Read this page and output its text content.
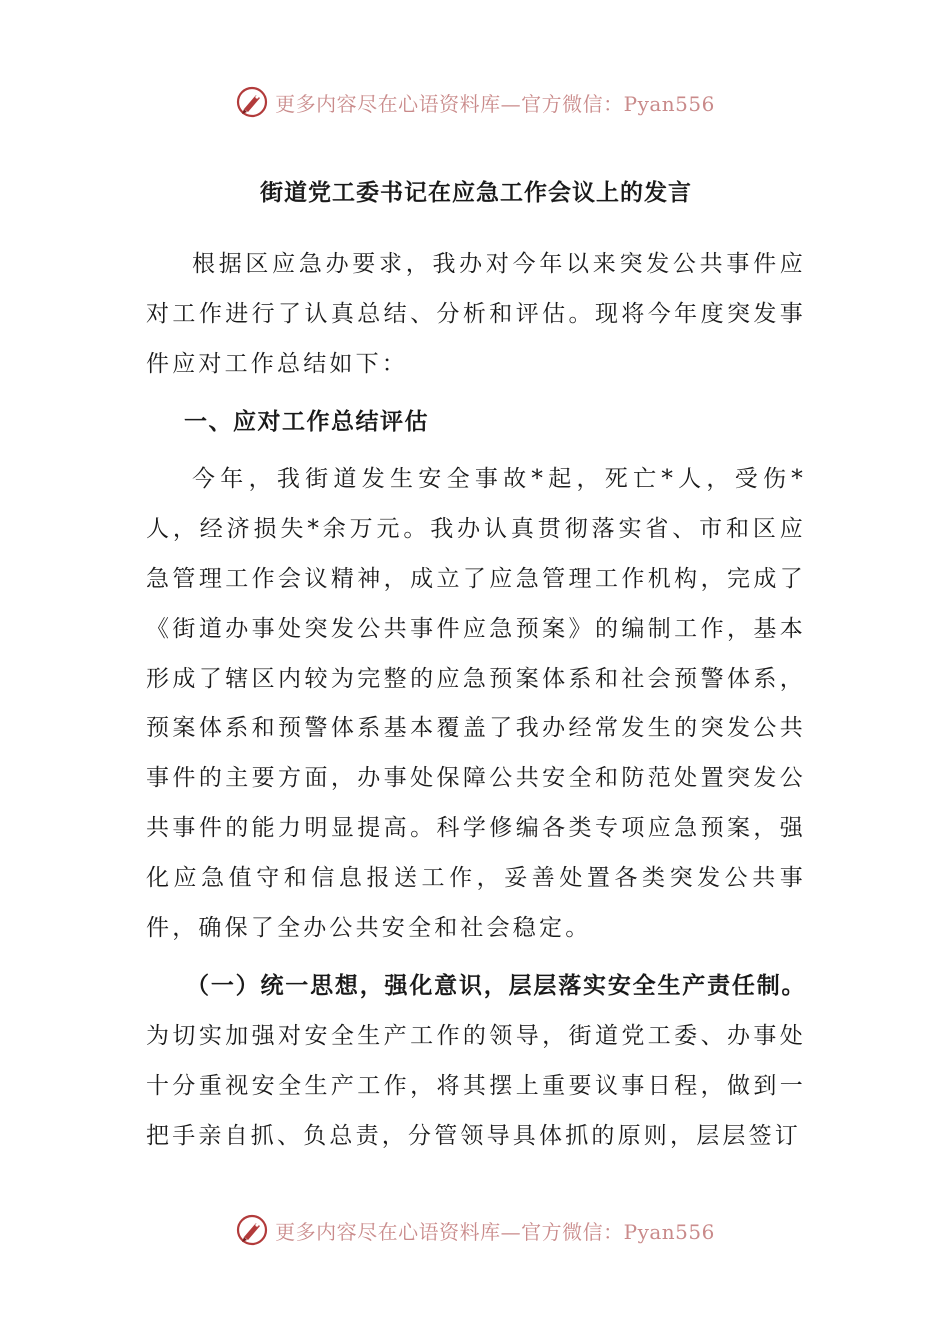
更多内容尽在心语资料库—官方微信：Pyan556
街道党工委书记在应急工作会议上的发言

根据区应急办要求，我办对今年以来突发公共事件应对工作进行了认真总结、分析和评估。现将今年度突发事件应对工作总结如下：

一、应对工作总结评估

今年，我街道发生安全事故*起，死亡*人，受伤*人，经济损失*余万元。我办认真贯彻落实省、市和区应急管理工作会议精神，成立了应急管理工作机构，完成了《街道办事处突发公共事件应急预案》的编制工作，基本形成了辖区内较为完整的应急预案体系和社会预警体系，预案体系和预警体系基本覆盖了我办经常发生的突发公共事件的主要方面，办事处保障公共安全和防范处置突发公共事件的能力明显提高。科学修编各类专项应急预案，强化应急值守和信息报送工作，妥善处置各类突发公共事件，确保了全办公共安全和社会稳定。

（一）统一思想，强化意识，层层落实安全生产责任制。为切实加强对安全生产工作的领导，街道党工委、办事处十分重视安全生产工作，将其摆上重要议事日程，做到一把手亲自抓、负总责，分管领导具体抓的原则，层层签订

更多内容尽在心语资料库—官方微信：Pyan556
